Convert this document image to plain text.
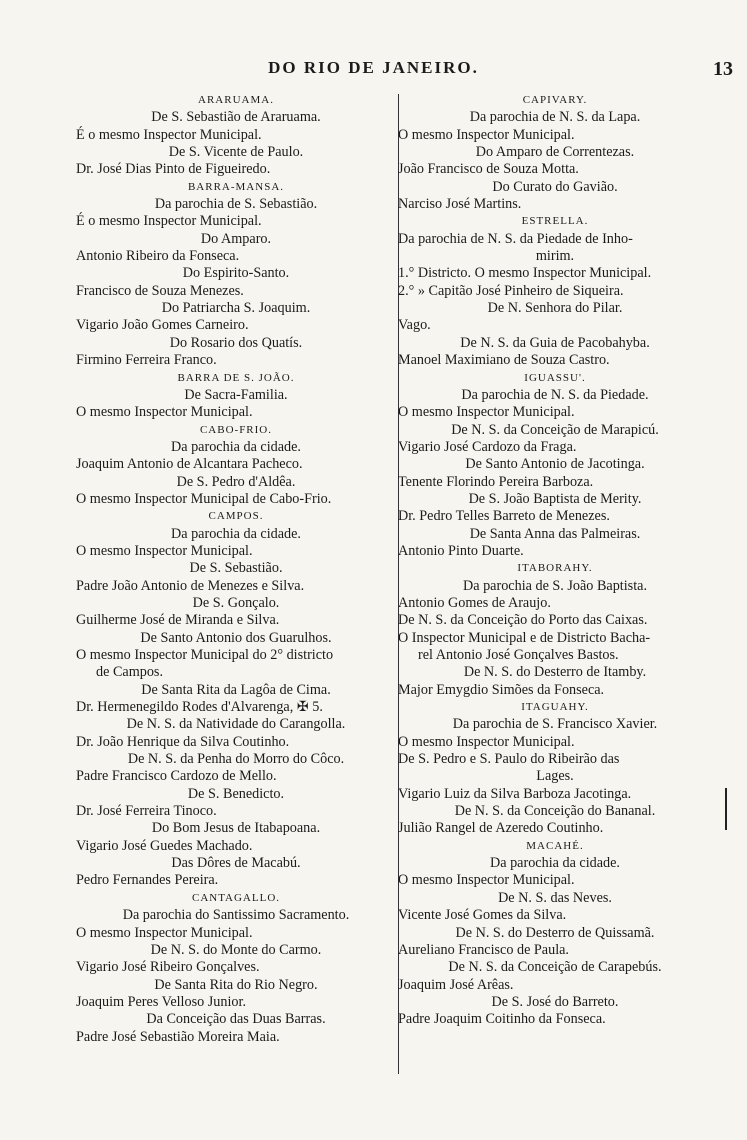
DO RIO DE JANEIRO.	13
ARARUAMA.
De S. Sebastião de Araruama.
É o mesmo Inspector Municipal.
De S. Vicente de Paulo.
Dr. José Dias Pinto de Figueiredo.
BARRA-MANSA.
Da parochia de S. Sebastião.
É o mesmo Inspector Municipal.
Do Amparo.
Antonio Ribeiro da Fonseca.
Do Espirito-Santo.
Francisco de Souza Menezes.
Do Patriarcha S. Joaquim.
Vigario João Gomes Carneiro.
Do Rosario dos Quatís.
Firmino Ferreira Franco.
BARRA DE S. JOÃO.
De Sacra-Familia.
O mesmo Inspector Municipal.
CABO-FRIO.
Da parochia da cidade.
Joaquim Antonio de Alcantara Pacheco.
De S. Pedro d'Aldêa.
O mesmo Inspector Municipal de Cabo-Frio.
CAMPOS.
Da parochia da cidade.
O mesmo Inspector Municipal.
De S. Sebastião.
Padre João Antonio de Menezes e Silva.
De S. Gonçalo.
Guilherme José de Miranda e Silva.
De Santo Antonio dos Guarulhos.
O mesmo Inspector Municipal do 2° districto
de Campos.
De Santa Rita da Lagôa de Cima.
Dr. Hermenegildo Rodes d'Alvarenga, ✠ 5.
De N. S. da Natividade do Carangolla.
Dr. João Henrique da Silva Coutinho.
De N. S. da Penha do Morro do Côco.
Padre Francisco Cardozo de Mello.
De S. Benedicto.
Dr. José Ferreira Tinoco.
Do Bom Jesus de Itabapoana.
Vigario José Guedes Machado.
Das Dôres de Macabú.
Pedro Fernandes Pereira.
CANTAGALLO.
Da parochia do Santissimo Sacramento.
O mesmo Inspector Municipal.
De N. S. do Monte do Carmo.
Vigario José Ribeiro Gonçalves.
De Santa Rita do Rio Negro.
Joaquim Peres Velloso Junior.
Da Conceição das Duas Barras.
Padre José Sebastião Moreira Maia.
CAPIVARY.
Da parochia de N. S. da Lapa.
O mesmo Inspector Municipal.
Do Amparo de Correntezas.
João Francisco de Souza Motta.
Do Curato do Gavião.
Narciso José Martins.
ESTRELLA.
Da parochia de N. S. da Piedade de Inho-
mirim.
1.° Districto. O mesmo Inspector Municipal.
2.° » Capitão José Pinheiro de Siqueira.
De N. Senhora do Pilar.
Vago.
De N. S. da Guia de Pacobahyba.
Manoel Maximiano de Souza Castro.
IGUASSU'.
Da parochia de N. S. da Piedade.
O mesmo Inspector Municipal.
De N. S. da Conceição de Marapicú.
Vigario José Cardozo da Fraga.
De Santo Antonio de Jacotinga.
Tenente Florindo Pereira Barboza.
De S. João Baptista de Merity.
Dr. Pedro Telles Barreto de Menezes.
De Santa Anna das Palmeiras.
Antonio Pinto Duarte.
ITABORAHY.
Da parochia de S. João Baptista.
Antonio Gomes de Araujo.
De N. S. da Conceição do Porto das Caixas.
O Inspector Municipal e de Districto Bacha-
rel Antonio José Gonçalves Bastos.
De N. S. do Desterro de Itamby.
Major Emygdio Simões da Fonseca.
ITAGUAHY.
Da parochia de S. Francisco Xavier.
O mesmo Inspector Municipal.
De S. Pedro e S. Paulo do Ribeirão das
Lages.
Vigario Luiz da Silva Barboza Jacotinga.
De N. S. da Conceição do Bananal.
Julião Rangel de Azeredo Coutinho.
MACAHÉ.
Da parochia da cidade.
O mesmo Inspector Municipal.
De N. S. das Neves.
Vicente José Gomes da Silva.
De N. S. do Desterro de Quissamã.
Aureliano Francisco de Paula.
De N. S. da Conceição de Carapebús.
Joaquim José Arêas.
De S. José do Barreto.
Padre Joaquim Coitinho da Fonseca.
